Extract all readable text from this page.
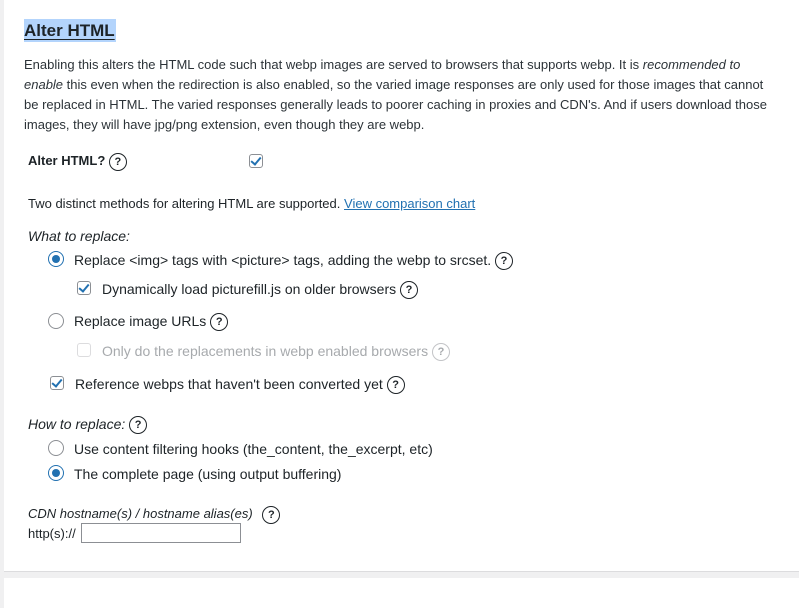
Alter HTML
Enabling this alters the HTML code such that webp images are served to browsers that supports webp. It is recommended to enable this even when the redirection is also enabled, so the varied image responses are only used for those images that cannot be replaced in HTML. The varied responses generally leads to poorer caching in proxies and CDN's. And if users download those images, they will have jpg/png extension, even though they are webp.
Alter HTML? ?
Two distinct methods for altering HTML are supported. View comparison chart
What to replace:
Replace <img> tags with <picture> tags, adding the webp to srcset. ?
Dynamically load picturefill.js on older browsers ?
Replace image URLs ?
Only do the replacements in webp enabled browsers ?
Reference webps that haven't been converted yet ?
How to replace: ?
Use content filtering hooks (the_content, the_excerpt, etc)
The complete page (using output buffering)
CDN hostname(s) / hostname alias(es) ?
http(s)://
